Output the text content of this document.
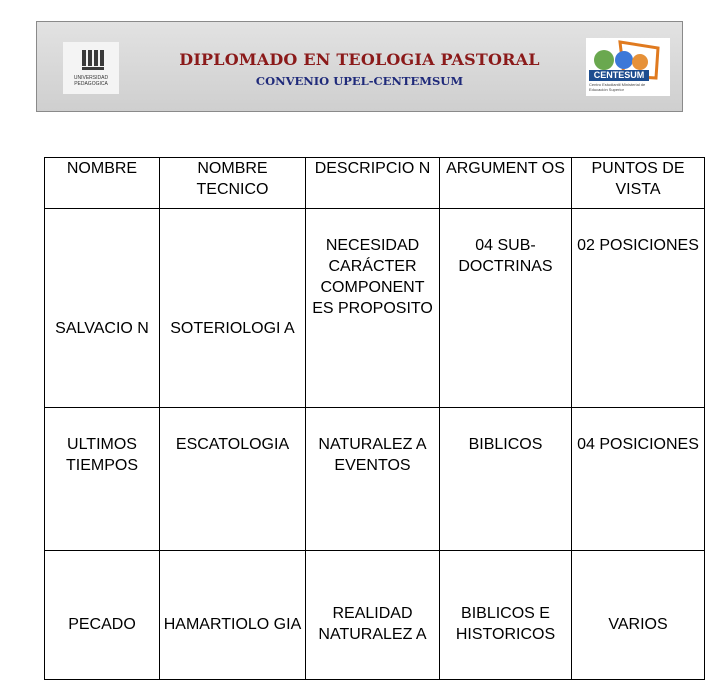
UNIVERSIDAD PEDAGOGICA
DIPLOMADO EN TEOLOGIA PASTORAL
CONVENIO UPEL-CENTEMSUM	CENTESUM
Centro Estudiantil Ministerial de Educación Superior
NOMBRE	NOMBRE TECNICO	DESCRIPCIO N	ARGUMENT OS	PUNTOS DE VISTA
SALVACIO N	SOTERIOLOGI A	NECESIDAD CARÁCTER COMPONENT ES PROPOSITO	04 SUB-DOCTRINAS	02 POSICIONES
ULTIMOS TIEMPOS	ESCATOLOGIA	NATURALEZ A EVENTOS	BIBLICOS	04 POSICIONES
PECADO	HAMARTIOLO GIA	REALIDAD NATURALEZ A	BIBLICOS E HISTORICOS	VARIOS
